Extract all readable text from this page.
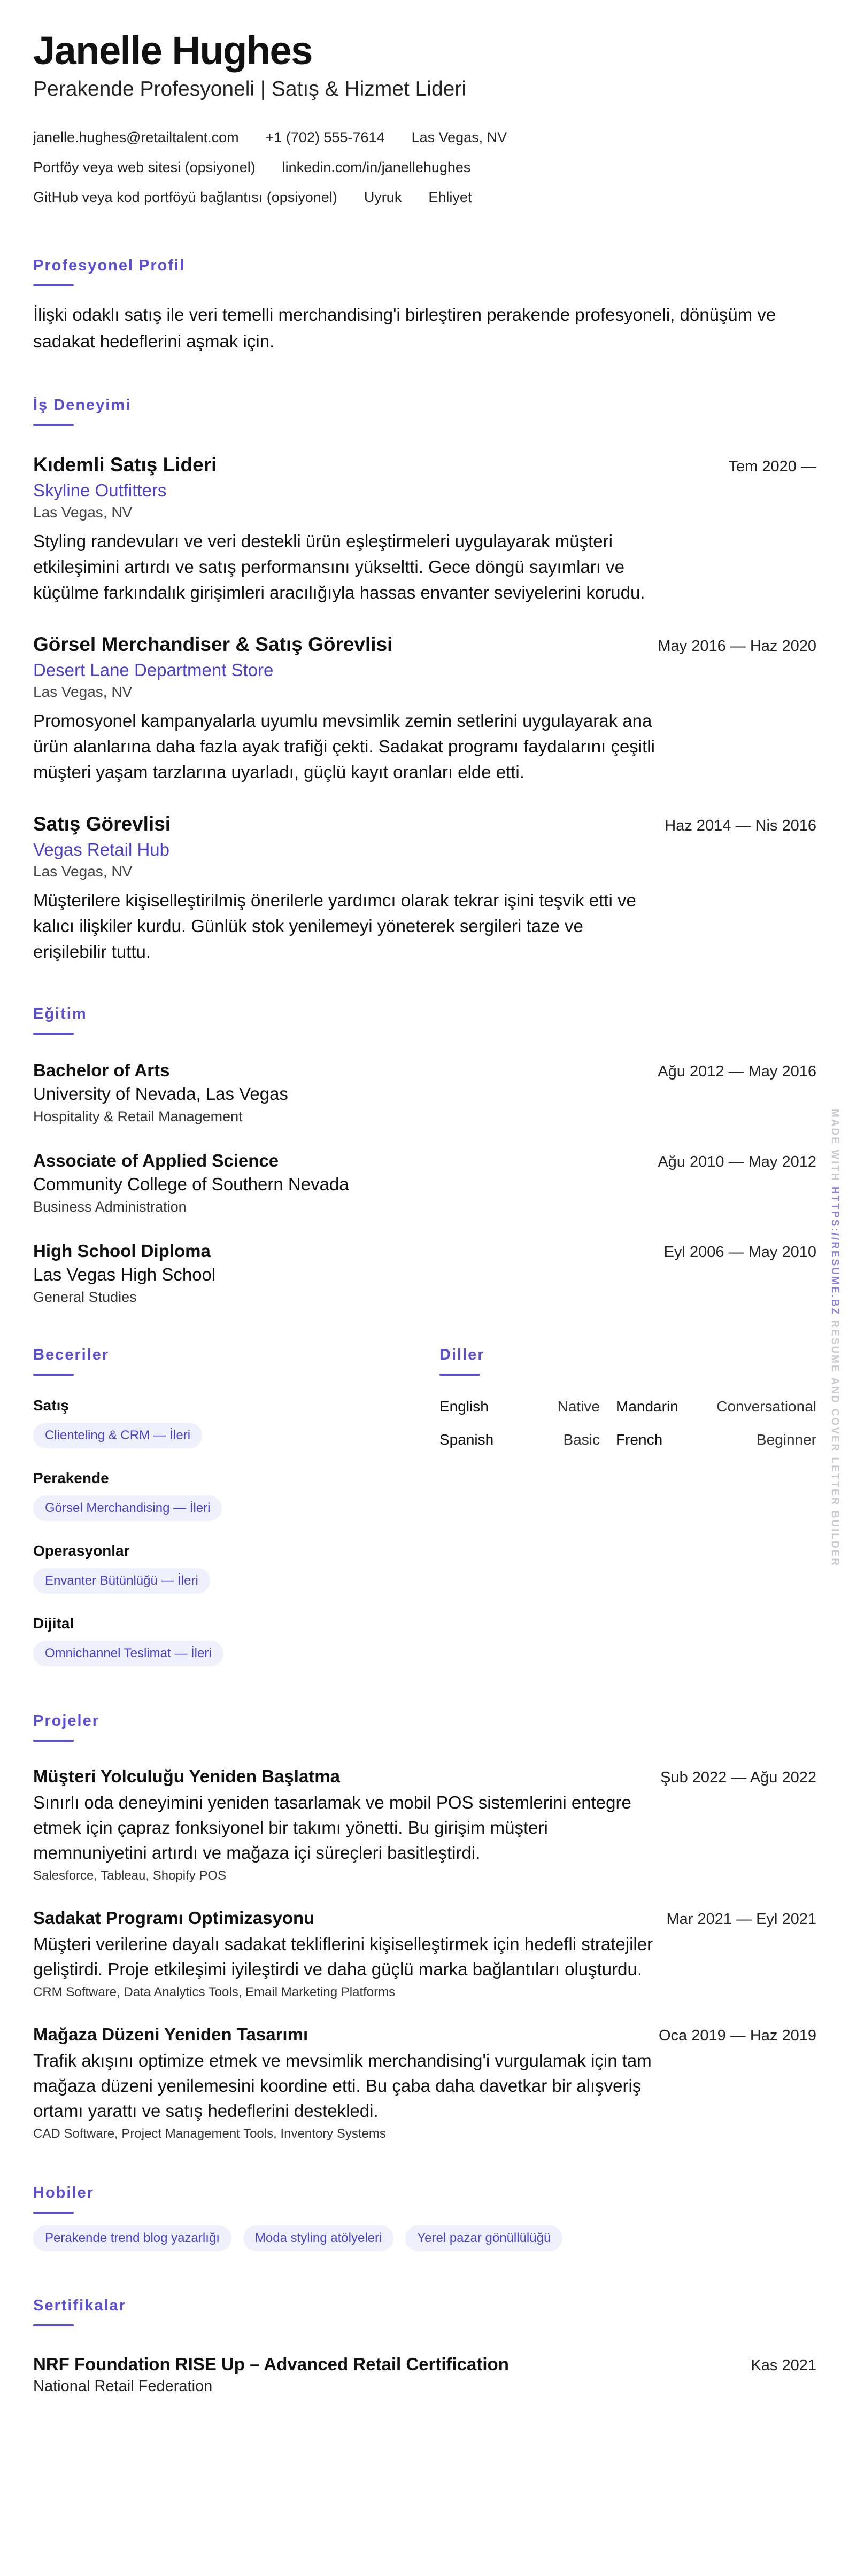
Janelle Hughes
Perakende Profesyoneli | Satış & Hizmet Lideri
janelle.hughes@retailtalent.com +1 (702) 555-7614 Las Vegas, NV
Portföy veya web sitesi (opsiyonel) linkedin.com/in/janellehughes
GitHub veya kod portföyü bağlantısı (opsiyonel) Uyruk Ehliyet
Profesyonel Profil
İlişki odaklı satış ile veri temelli merchandising'i birleştiren perakende profesyoneli, dönüşüm ve sadakat hedeflerini aşmak için.
İş Deneyimi
Kıdemli Satış Lideri	Tem 2020 —
Skyline Outfitters
Las Vegas, NV
Styling randevuları ve veri destekli ürün eşleştirmeleri uygulayarak müşteri etkileşimini artırdı ve satış performansını yükseltti. Gece döngü sayımları ve küçülme farkındalık girişimleri aracılığıyla hassas envanter seviyelerini korudu.
Görsel Merchandiser & Satış Görevlisi	May 2016 — Haz 2020
Desert Lane Department Store
Las Vegas, NV
Promosyonel kampanyalarla uyumlu mevsimlik zemin setlerini uygulayarak ana ürün alanlarına daha fazla ayak trafiği çekti. Sadakat programı faydalarını çeşitli müşteri yaşam tarzlarına uyarladı, güçlü kayıt oranları elde etti.
Satış Görevlisi	Haz 2014 — Nis 2016
Vegas Retail Hub
Las Vegas, NV
Müşterilere kişiselleştirilmiş önerilerle yardımcı olarak tekrar işini teşvik etti ve kalıcı ilişkiler kurdu. Günlük stok yenilemeyi yöneterek sergileri taze ve erişilebilir tuttu.
Eğitim
Bachelor of Arts	Ağu 2012 — May 2016
University of Nevada, Las Vegas
Hospitality & Retail Management
Associate of Applied Science	Ağu 2010 — May 2012
Community College of Southern Nevada
Business Administration
High School Diploma	Eyl 2006 — May 2010
Las Vegas High School
General Studies
Beceriler
Satış
Clienteling & CRM — İleri
Perakende
Görsel Merchandising — İleri
Operasyonlar
Envanter Bütünlüğü — İleri
Dijital
Omnichannel Teslimat — İleri
Diller
English	Native Mandarin	Conversational
Spanish	Basic French	Beginner
Projeler
Müşteri Yolculuğu Yeniden Başlatma	Şub 2022 — Ağu 2022
Sınırlı oda deneyimini yeniden tasarlamak ve mobil POS sistemlerini entegre etmek için çapraz fonksiyonel bir takımı yönetti. Bu girişim müşteri memnuniyetini artırdı ve mağaza içi süreçleri basitleştirdi.
Salesforce, Tableau, Shopify POS
Sadakat Programı Optimizasyonu	Mar 2021 — Eyl 2021
Müşteri verilerine dayalı sadakat tekliflerini kişiselleştirmek için hedefli stratejiler geliştirdi. Proje etkileşimi iyileştirdi ve daha güçlü marka bağlantıları oluşturdu.
CRM Software, Data Analytics Tools, Email Marketing Platforms
Mağaza Düzeni Yeniden Tasarımı	Oca 2019 — Haz 2019
Trafik akışını optimize etmek ve mevsimlik merchandising'i vurgulamak için tam mağaza düzeni yenilemesini koordine etti. Bu çaba daha davetkar bir alışveriş ortamı yarattı ve satış hedeflerini destekledi.
CAD Software, Project Management Tools, Inventory Systems
Hobiler
Perakende trend blog yazarlığı	Moda styling atölyeleri	Yerel pazar gönüllülüğü
Sertifikalar
NRF Foundation RISE Up – Advanced Retail Certification	Kas 2021
National Retail Federation
MADE WITH HTTPS://RESUME.BZ RESUME AND COVER LETTER BUILDER
